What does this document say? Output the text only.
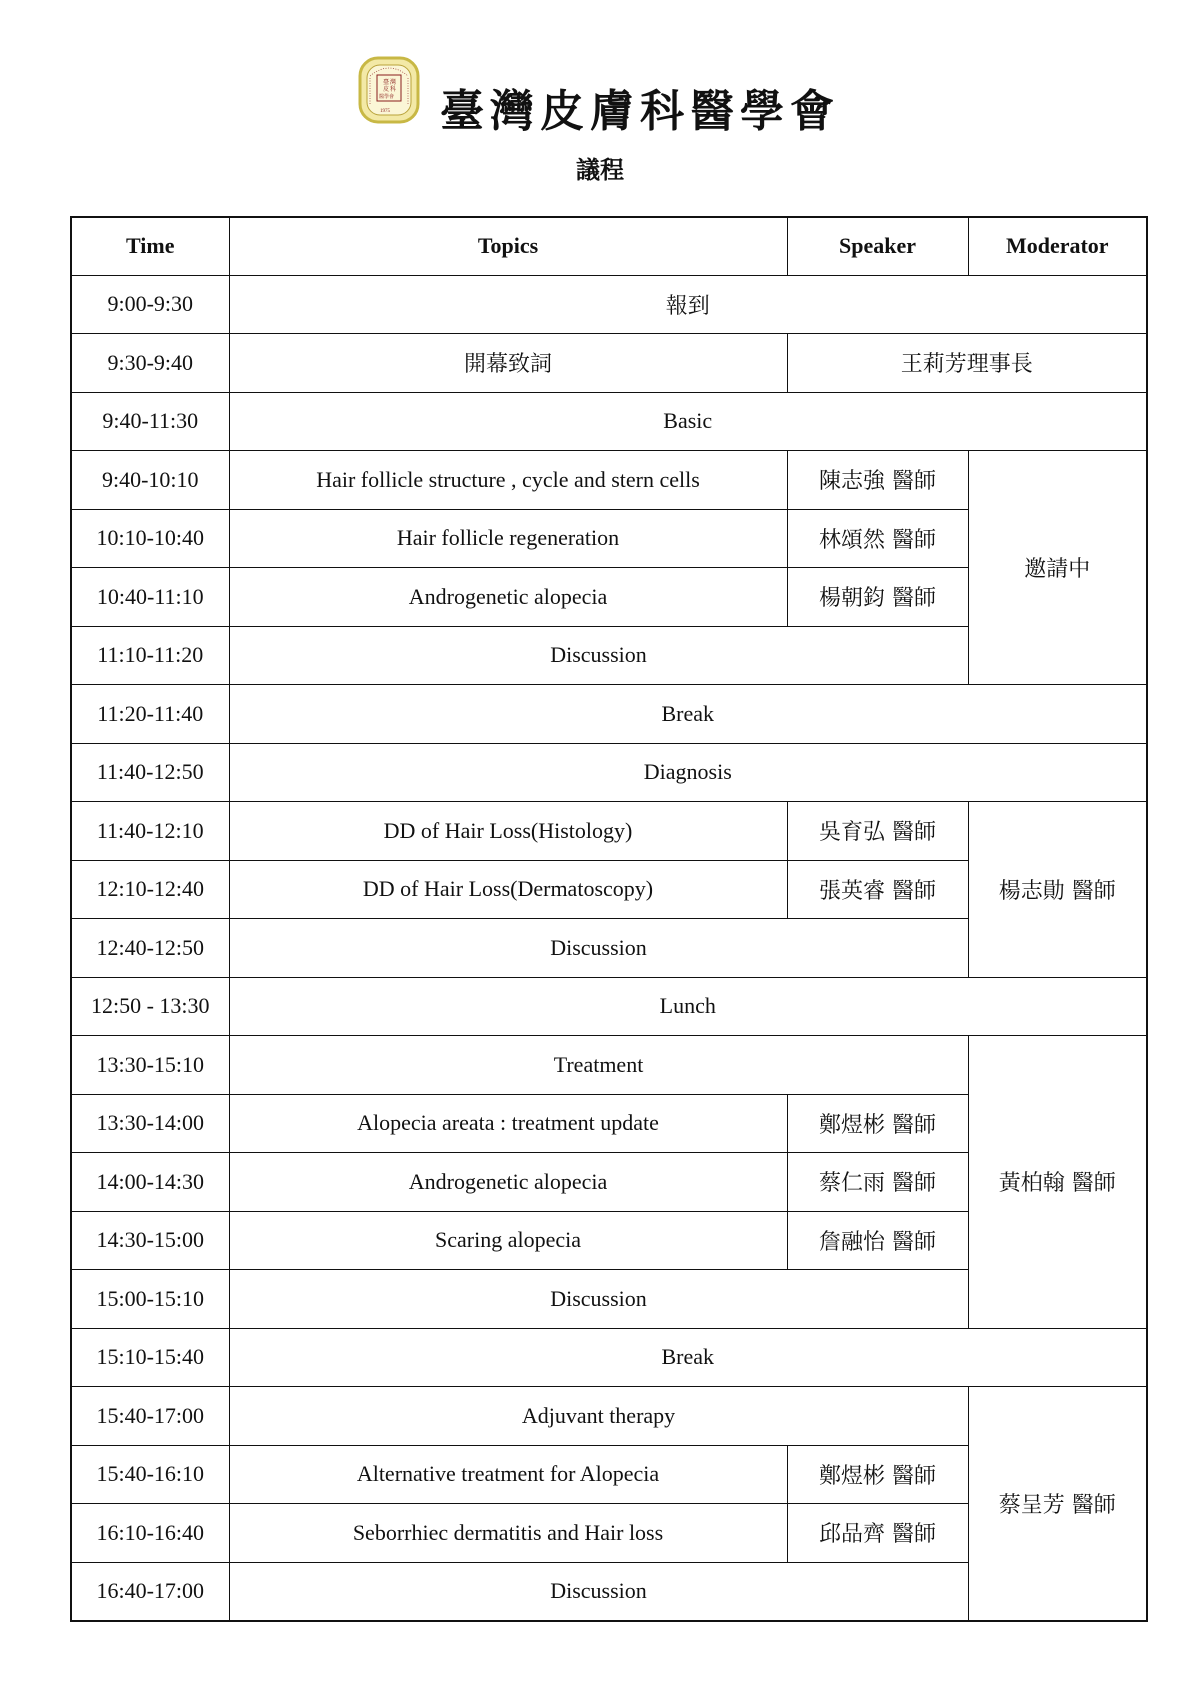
臺 灣
皮 科
醫學會
1975 臺灣皮膚科醫學會
議程
Time	Topics	Speaker	Moderator
9:00-9:30	報到		
9:30-9:40	開幕致詞	王莉芳理事長	
9:40-11:30	Basic		
9:40-10:10	Hair follicle structure , cycle and stern cells	陳志強 醫師	邀請中
10:10-10:40	Hair follicle regeneration	林頌然 醫師	
10:40-11:10	Androgenetic alopecia	楊朝鈞 醫師	
11:10-11:20	Discussion		
11:20-11:40	Break		
11:40-12:50	Diagnosis		
11:40-12:10	DD of Hair Loss(Histology)	吳育弘 醫師	楊志勛 醫師
12:10-12:40	DD of Hair Loss(Dermatoscopy)	張英睿 醫師	
12:40-12:50	Discussion		
12:50 - 13:30	Lunch		
13:30-15:10	Treatment		黃柏翰 醫師
13:30-14:00	Alopecia areata : treatment update	鄭煜彬 醫師	
14:00-14:30	Androgenetic alopecia	蔡仁雨 醫師	
14:30-15:00	Scaring alopecia	詹融怡 醫師	
15:00-15:10	Discussion		
15:10-15:40	Break		
15:40-17:00	Adjuvant therapy		蔡呈芳 醫師
15:40-16:10	Alternative treatment for Alopecia	鄭煜彬 醫師	
16:10-16:40	Seborrhiec dermatitis and Hair loss	邱品齊 醫師	
16:40-17:00	Discussion		
